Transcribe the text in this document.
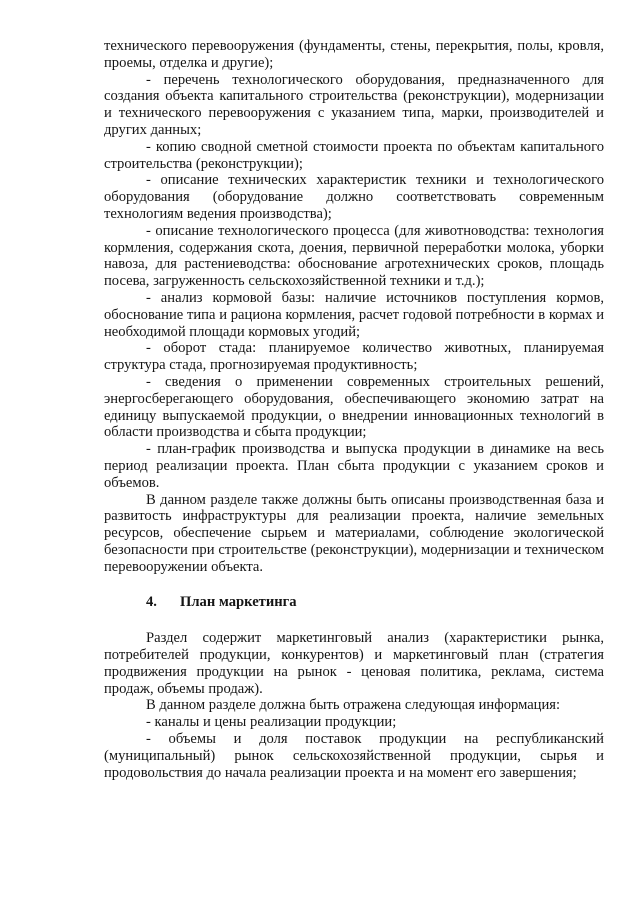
технического перевооружения (фундаменты, стены, перекрытия, полы, кровля, проемы, отделка и другие);

- перечень технологического оборудования, предназначенного для создания объекта капитального строительства (реконструкции), модернизации и технического перевооружения с указанием типа, марки, производителей и других данных;

- копию сводной сметной стоимости проекта по объектам капитального строительства (реконструкции);

- описание технических характеристик техники и технологического оборудования (оборудование должно соответствовать современным технологиям ведения производства);

- описание технологического процесса (для животноводства: технология кормления, содержания скота, доения, первичной переработки молока, уборки навоза, для растениеводства: обоснование агротехнических сроков, площадь посева, загруженность сельскохозяйственной техники и т.д.);

- анализ кормовой базы: наличие источников поступления кормов, обоснование типа и рациона кормления, расчет годовой потребности в кормах и необходимой площади кормовых угодий;

- оборот стада: планируемое количество животных, планируемая структура стада, прогнозируемая продуктивность;

- сведения о применении современных строительных решений, энергосберегающего оборудования, обеспечивающего экономию затрат на единицу выпускаемой продукции, о внедрении инновационных технологий в области производства и сбыта продукции;

- план-график производства и выпуска продукции в динамике на весь период реализации проекта. План сбыта продукции с указанием сроков и объемов.

В данном разделе также должны быть описаны производственная база и развитость инфраструктуры для реализации проекта, наличие земельных ресурсов, обеспечение сырьем и материалами, соблюдение экологической безопасности при строительстве (реконструкции), модернизации и техническом перевооружении объекта.

4. План маркетинга

Раздел содержит маркетинговый анализ (характеристики рынка, потребителей продукции, конкурентов) и маркетинговый план (стратегия продвижения продукции на рынок - ценовая политика, реклама, система продаж, объемы продаж).

В данном разделе должна быть отражена следующая информация:

- каналы и цены реализации продукции;

- объемы и доля поставок продукции на республиканский (муниципальный) рынок сельскохозяйственной продукции, сырья и продовольствия до начала реализации проекта и на момент его завершения;
